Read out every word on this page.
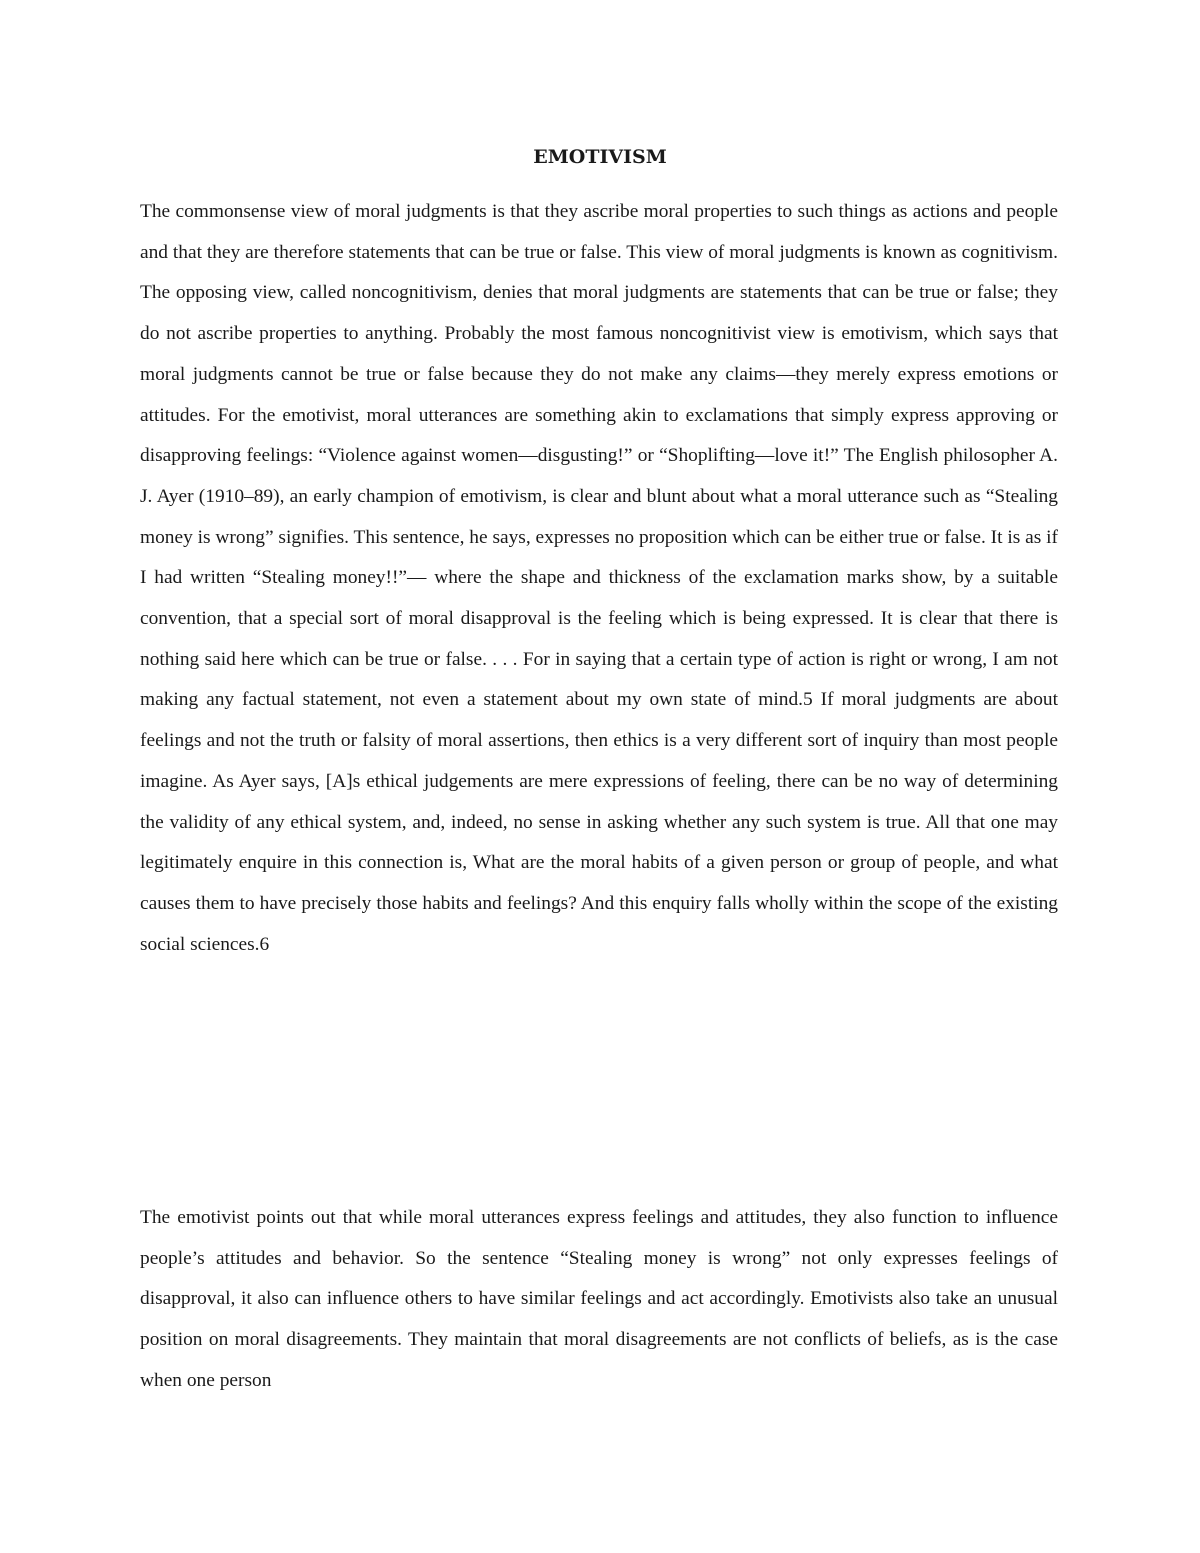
EMOTIVISM

The commonsense view of moral judgments is that they ascribe moral properties to such things as actions and people and that they are therefore statements that can be true or false. This view of moral judgments is known as cognitivism. The opposing view, called noncognitivism, denies that moral judgments are statements that can be true or false; they do not ascribe properties to anything. Probably the most famous noncognitivist view is emotivism, which says that moral judgments cannot be true or false because they do not make any claims—they merely express emotions or attitudes. For the emotivist, moral utterances are something akin to exclamations that simply express approving or disapproving feelings: “Violence against women—disgusting!” or “Shoplifting—love it!” The English philosopher A. J. Ayer (1910–89), an early champion of emotivism, is clear and blunt about what a moral utterance such as “Stealing money is wrong” signifies. This sentence, he says, expresses no proposition which can be either true or false. It is as if I had written “Stealing money!!”— where the shape and thickness of the exclamation marks show, by a suitable convention, that a special sort of moral disapproval is the feeling which is being expressed. It is clear that there is nothing said here which can be true or false. . . . For in saying that a certain type of action is right or wrong, I am not making any factual statement, not even a statement about my own state of mind.5 If moral judgments are about feelings and not the truth or falsity of moral assertions, then ethics is a very different sort of inquiry than most people imagine. As Ayer says, [A]s ethical judgements are mere expressions of feeling, there can be no way of determining the validity of any ethical system, and, indeed, no sense in asking whether any such system is true. All that one may legitimately enquire in this connection is, What are the moral habits of a given person or group of people, and what causes them to have precisely those habits and feelings? And this enquiry falls wholly within the scope of the existing social sciences.6

The emotivist points out that while moral utterances express feelings and attitudes, they also function to influence people’s attitudes and behavior. So the sentence “Stealing money is wrong” not only expresses feelings of disapproval, it also can influence others to have similar feelings and act accordingly. Emotivists also take an unusual position on moral disagreements. They maintain that moral disagreements are not conflicts of beliefs, as is the case when one person
